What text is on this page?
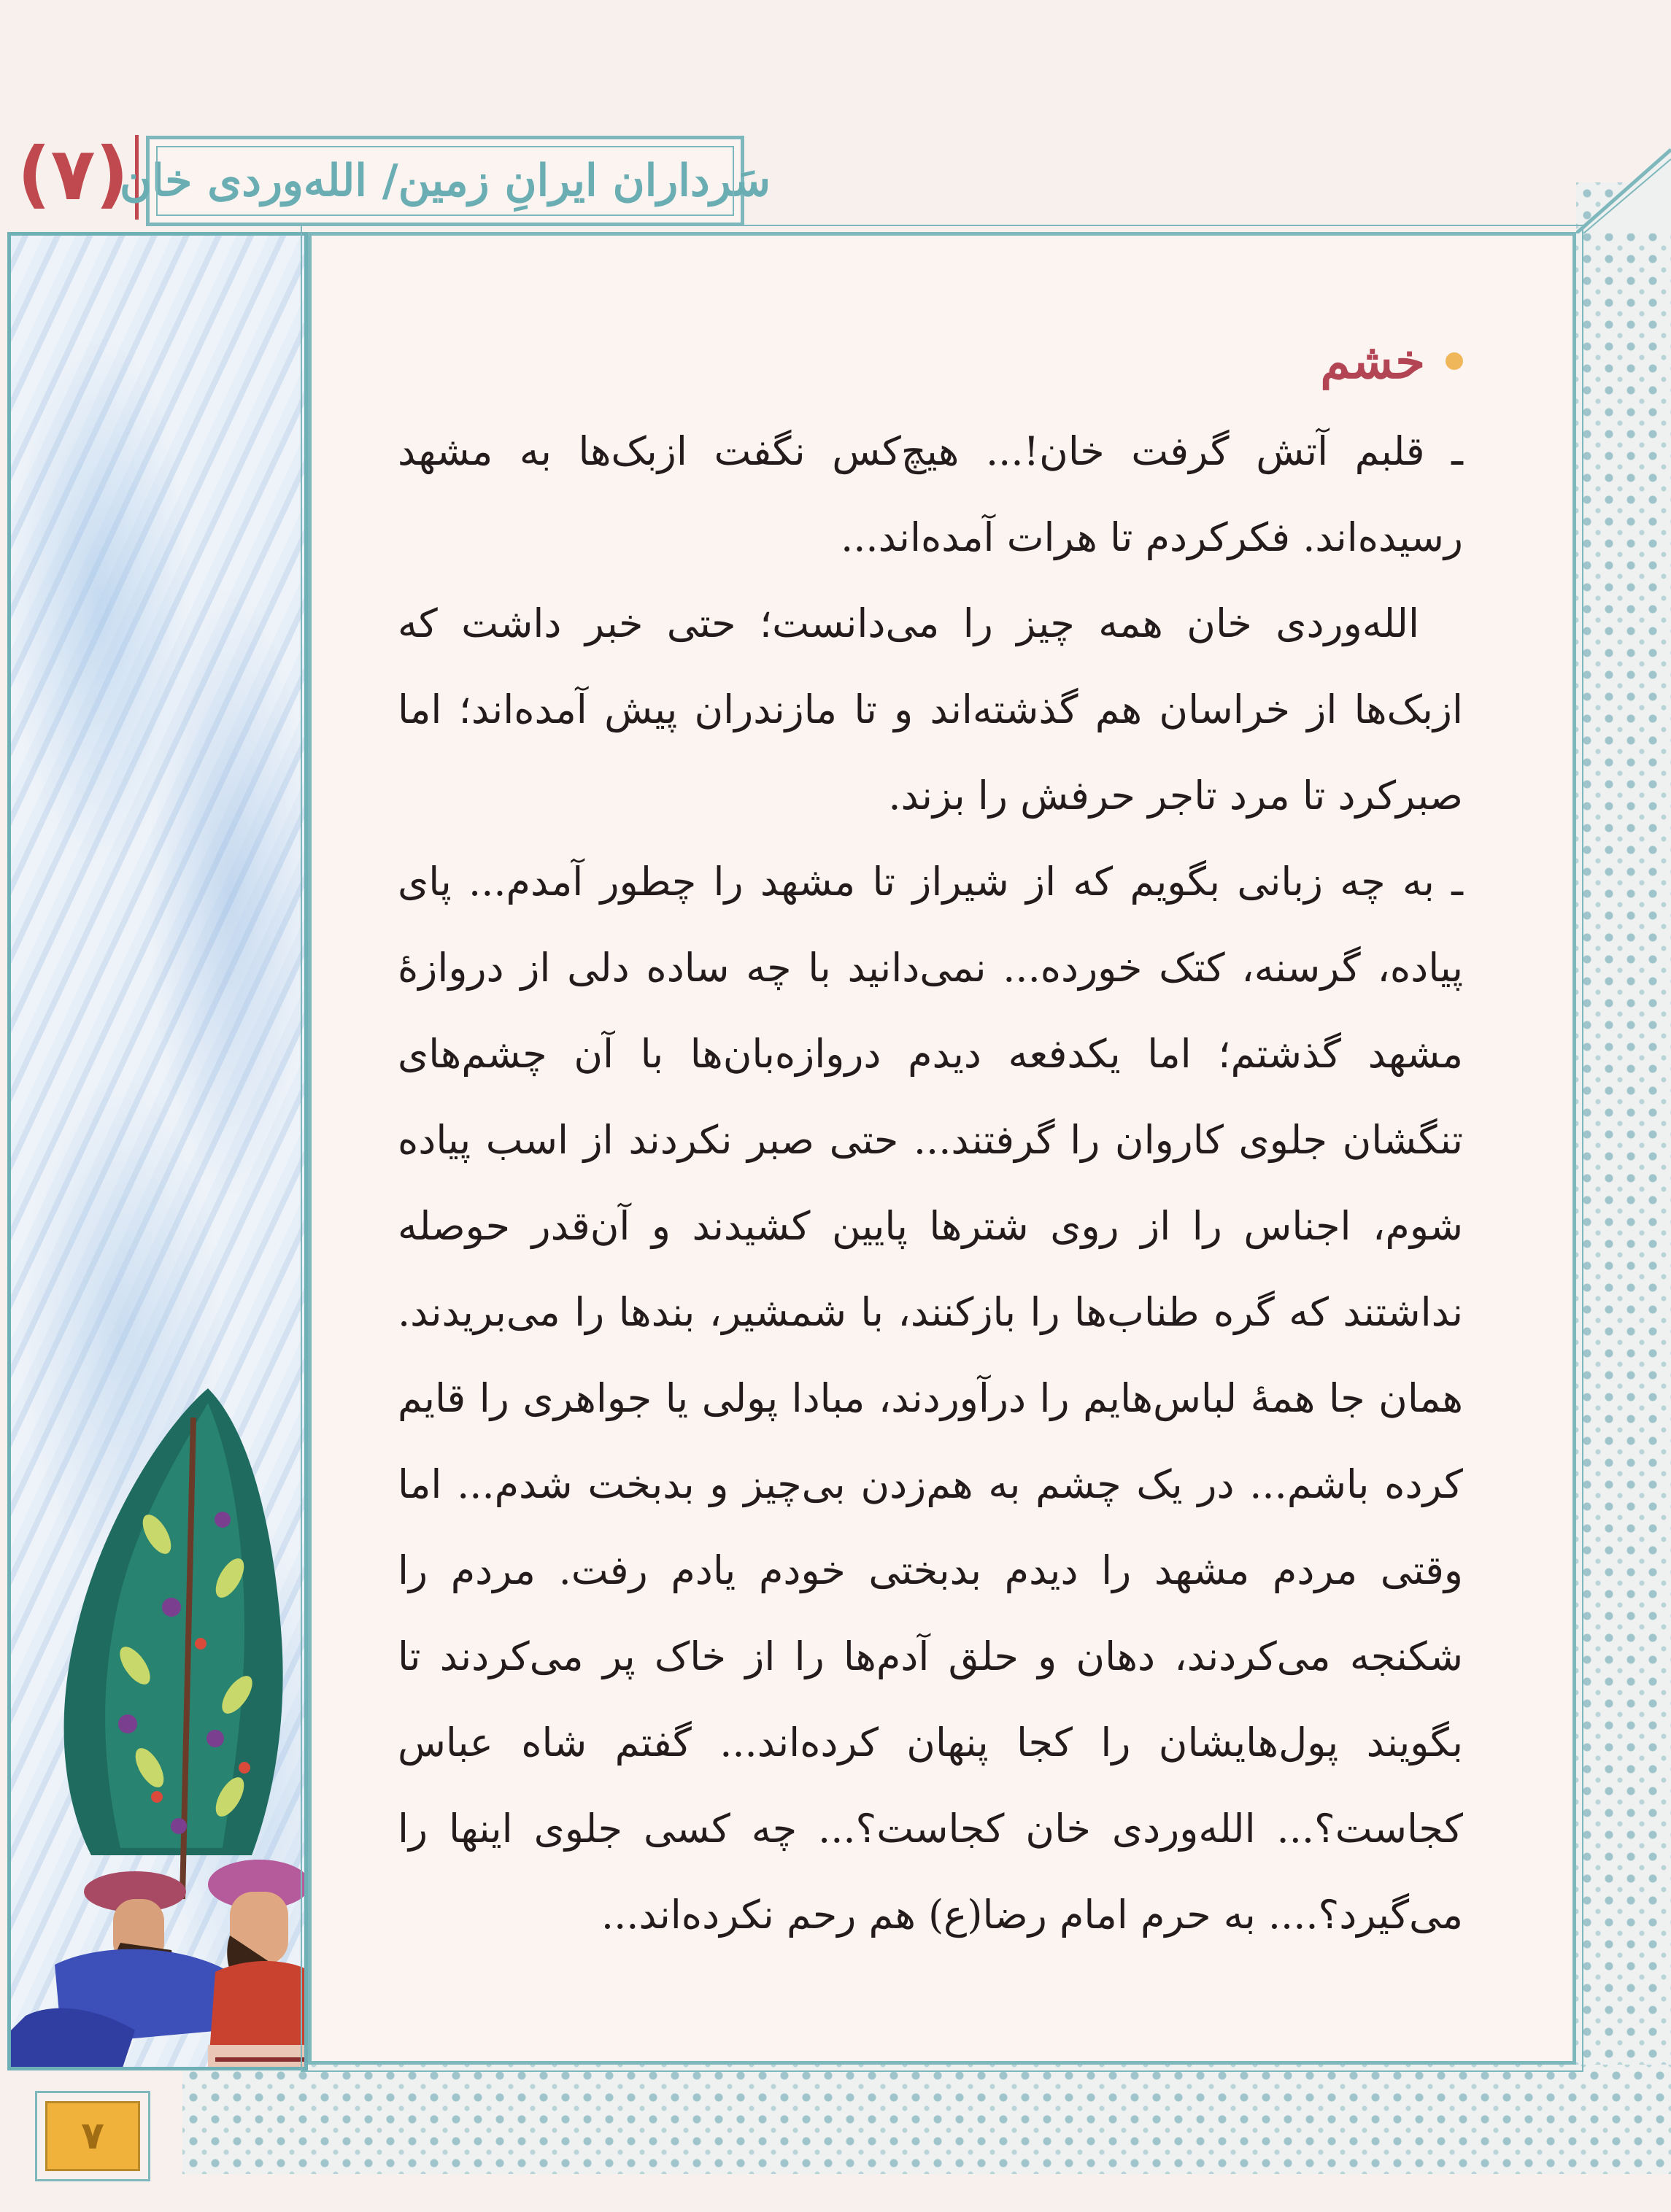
(۷)
سَرداران ایرانِ زمین/ الله‌وردی خان
خشم

ـ قلبم آتش گرفت خان!... هیچ‌کس نگفت ازبک‌ها به مشهد رسیده‌اند. فکرکردم تا هرات آمده‌اند...

الله‌وردی خان همه چیز را می‌دانست؛ حتی خبر داشت که ازبک‌ها از خراسان هم گذشته‌اند و تا مازندران پیش آمده‌اند؛ اما صبرکرد تا مرد تاجر حرفش را بزند.

ـ به چه زبانی بگویم که از شیراز تا مشهد را چطور آمدم... پای پیاده، گرسنه، کتک خورده... نمی‌دانید با چه ساده دلی از دروازهٔ مشهد گذشتم؛ اما یکدفعه دیدم دروازه‌بان‌ها با آن چشم‌های تنگشان جلوی کاروان را گرفتند... حتی صبر نکردند از اسب پیاده شوم، اجناس را از روی شترها پایین کشیدند و آن‌قدر حوصله نداشتند که گره طناب‌ها را بازکنند، با شمشیر، بندها را می‌بریدند. همان جا همهٔ لباس‌هایم را درآوردند، مبادا پولی یا جواهری را قایم کرده باشم... در یک چشم به هم‌زدن بی‌چیز و بدبخت شدم... اما وقتی مردم مشهد را دیدم بدبختی خودم یادم رفت. مردم را شکنجه می‌کردند، دهان و حلق آدم‌ها را از خاک پر می‌کردند تا بگویند پول‌هایشان را کجا پنهان کرده‌اند... گفتم شاه عباس کجاست؟... الله‌وردی خان کجاست؟... چه کسی جلوی اینها را می‌گیرد؟.... به حرم امام رضا(ع) هم رحم نکرده‌اند...

۷
